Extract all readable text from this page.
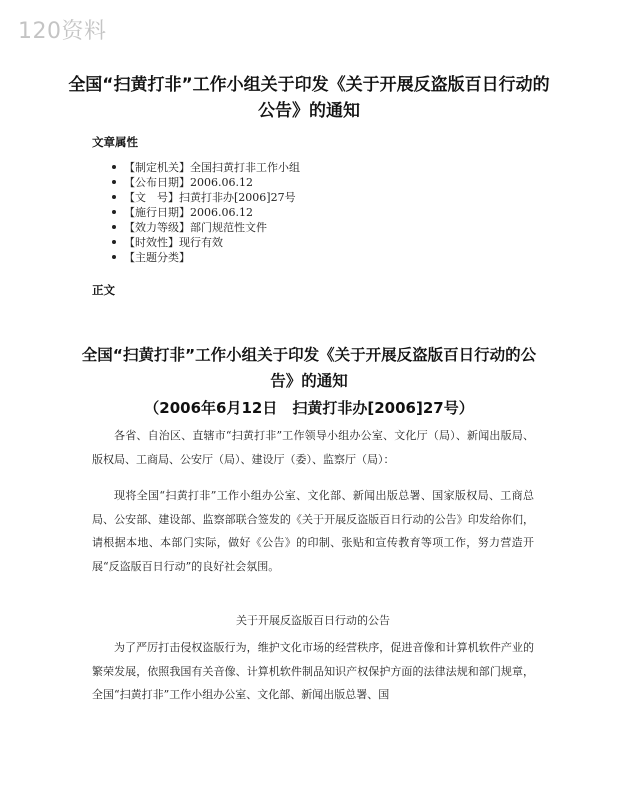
120资料
全国“扫黄打非”工作小组关于印发《关于开展反盗版百日行动的公告》的通知
文章属性
【制定机关】全国扫黄打非工作小组
【公布日期】2006.06.12
【文　号】扫黄打非办[2006]27号
【施行日期】2006.06.12
【效力等级】部门规范性文件
【时效性】现行有效
【主题分类】
正文
全国“扫黄打非”工作小组关于印发《关于开展反盗版百日行动的公告》的通知
（2006年6月12日　扫黄打非办[2006]27号）

各省、自治区、直辖市“扫黄打非”工作领导小组办公室、文化厅（局）、新闻出版局、版权局、工商局、公安厅（局）、建设厅（委）、监察厅（局）：

现将全国“扫黄打非”工作小组办公室、文化部、新闻出版总署、国家版权局、工商总局、公安部、建设部、监察部联合签发的《关于开展反盗版百日行动的公告》印发给你们，请根据本地、本部门实际，做好《公告》的印制、张贴和宣传教育等项工作，努力营造开展“反盗版百日行动”的良好社会氛围。

关于开展反盗版百日行动的公告

为了严厉打击侵权盗版行为，维护文化市场的经营秩序，促进音像和计算机软件产业的繁荣发展，依照我国有关音像、计算机软件制品知识产权保护方面的法律法规和部门规章，全国“扫黄打非”工作小组办公室、文化部、新闻出版总署、国
